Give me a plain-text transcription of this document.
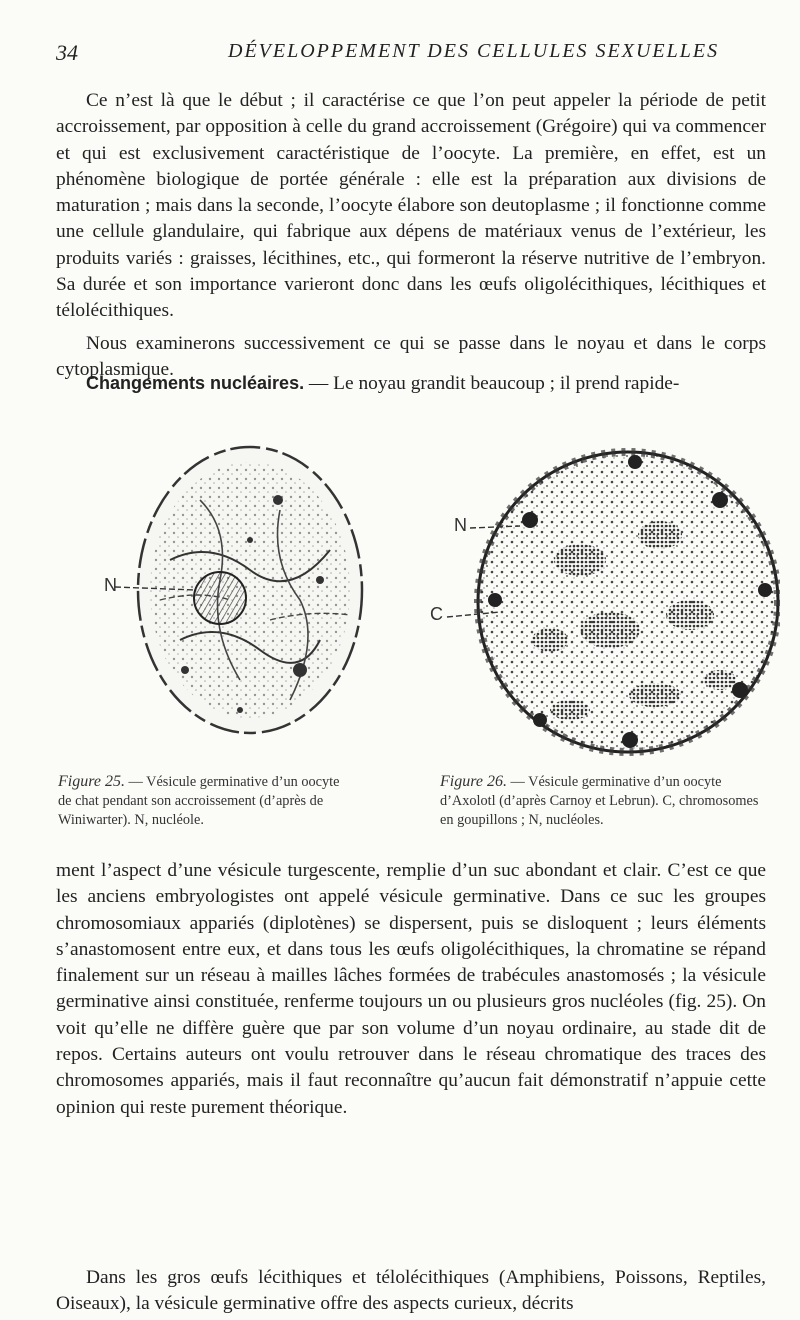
34	DÉVELOPPEMENT DES CELLULES SEXUELLES

Ce n’est là que le début ; il caractérise ce que l’on peut appeler la période de petit accroissement, par opposition à celle du grand accroissement (Grégoire) qui va commencer et qui est exclusivement caractéristique de l’oocyte. La première, en effet, est un phénomène biologique de portée générale : elle est la préparation aux divisions de maturation ; mais dans la seconde, l’oocyte élabore son deutoplasme ; il fonctionne comme une cellule glandulaire, qui fabrique aux dépens de matériaux venus de l’extérieur, les produits variés : graisses, lécithines, etc., qui formeront la réserve nutritive de l’embryon. Sa durée et son importance varieront donc dans les œufs oligolécithiques, lécithiques et télolécithiques.

Nous examinerons successivement ce qui se passe dans le noyau et dans le corps cytoplasmique.

Changements nucléaires. — Le noyau grandit beaucoup ; il prend rapide-

N
N
C
Figure 25. — Vésicule germinative d’un oocyte de chat pendant son accroissement (d’après de Winiwarter). N, nucléole.
Figure 26. — Vésicule germinative d’un oocyte d’Axolotl (d’après Carnoy et Lebrun). C, chromosomes en goupillons ; N, nucléoles.

ment l’aspect d’une vésicule turgescente, remplie d’un suc abondant et clair. C’est ce que les anciens embryologistes ont appelé vésicule germinative. Dans ce suc les groupes chromosomiaux appariés (diplotènes) se dispersent, puis se disloquent ; leurs éléments s’anastomosent entre eux, et dans tous les œufs oligolécithiques, la chromatine se répand finalement sur un réseau à mailles lâches formées de trabécules anastomosés ; la vésicule germinative ainsi constituée, renferme toujours un ou plusieurs gros nucléoles (fig. 25). On voit qu’elle ne diffère guère que par son volume d’un noyau ordinaire, au stade dit de repos. Certains auteurs ont voulu retrouver dans le réseau chromatique des traces des chromosomes appariés, mais il faut reconnaître qu’aucun fait démonstratif n’appuie cette opinion qui reste purement théorique.

Dans les gros œufs lécithiques et télolécithiques (Amphibiens, Poissons, Reptiles, Oiseaux), la vésicule germinative offre des aspects curieux, décrits
